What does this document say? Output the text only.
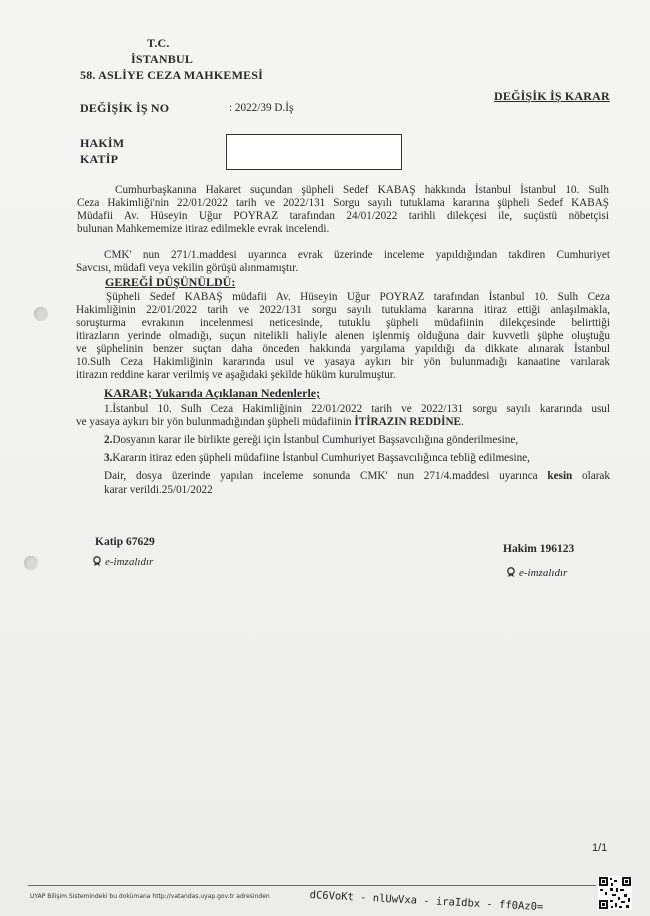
T.C.
İSTANBUL
58. ASLİYE CEZA MAHKEMESİ
DEĞİŞİK İŞ KARAR
DEĞİŞİK İŞ NO	: 2022/39 D.İş
HAKİM
KATİP
Cumhurbaşkanına Hakaret suçundan şüpheli Sedef KABAŞ hakkında İstanbul İstanbul 10. Sulh
Ceza Hakimliği'nin 22/01/2022 tarih ve 2022/131 Sorgu sayılı tutuklama kararına şüpheli Sedef KABAŞ
Müdafii Av. Hüseyin Uğur POYRAZ tarafından 24/01/2022 tarihli dilekçesi ile, suçüstü nöbetçisi
bulunan Mahkememize itiraz edilmekle evrak incelendi.
CMK' nun 271/1.maddesi uyarınca evrak üzerinde inceleme yapıldığından takdiren Cumhuriyet
Savcısı, müdafi veya vekilin görüşü alınmamıştır.
GEREĞİ DÜŞÜNÜLDÜ:
Şüpheli Sedef KABAŞ müdafii Av. Hüseyin Uğur POYRAZ tarafından İstanbul 10. Sulh Ceza
Hakimliğinin 22/01/2022 tarih ve 2022/131 sorgu sayılı tutuklama kararına itiraz ettiği anlaşılmakla,
soruşturma evrakının incelenmesi neticesinde, tutuklu şüpheli müdafiinin dilekçesinde belirttiği
itirazların yerinde olmadığı, suçun nitelikli haliyle alenen işlenmiş olduğuna dair kuvvetli şüphe oluştuğu
ve şüphelinin benzer suçtan daha önceden hakkında yargılama yapıldığı da dikkate alınarak İstanbul
10.Sulh Ceza Hakimliğinin kararında usul ve yasaya aykırı bir yön bulunmadığı kanaatine varılarak
itirazın reddine karar verilmiş ve aşağıdaki şekilde hüküm kurulmuştur.
KARAR; Yukarıda Açıklanan Nedenlerle;
1.İstanbul 10. Sulh Ceza Hakimliğinin 22/01/2022 tarih ve 2022/131 sorgu sayılı kararında usul
ve yasaya aykırı bir yön bulunmadığından şüpheli müdafiinin İTİRAZIN REDDİNE.
2.Dosyanın karar ile birlikte gereği için İstanbul Cumhuriyet Başsavcılığına gönderilmesine,
3.Kararın itiraz eden şüpheli müdafiine İstanbul Cumhuriyet Başsavcılığınca tebliğ edilmesine,
Dair, dosya üzerinde yapılan inceleme sonunda CMK' nun 271/4.maddesi uyarınca kesin olarak
karar verildi.25/01/2022
Katip 67629
e-imzalıdır
Hakim 196123
e-imzalıdır
1/1
UYAP Bilişim Sistemindeki bu dokümana http://vatandas.uyap.gov.tr adresinden	dC6VoKt - nlUwVxa - iraIdbx - ff0Az0=
